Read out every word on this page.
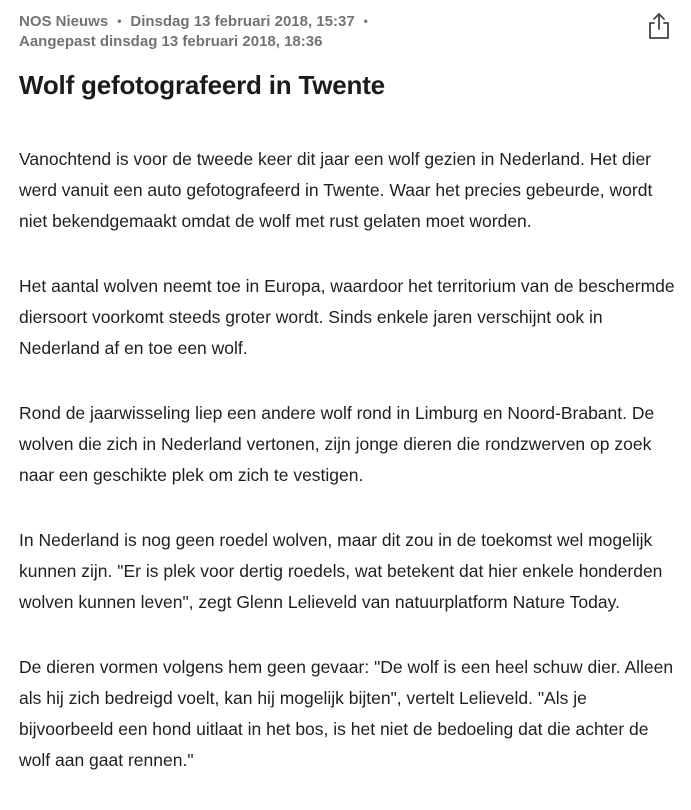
NOS Nieuws • Dinsdag 13 februari 2018, 15:37 •
Aangepast dinsdag 13 februari 2018, 18:36
Wolf gefotografeerd in Twente

Vanochtend is voor de tweede keer dit jaar een wolf gezien in Nederland. Het dier werd vanuit een auto gefotografeerd in Twente. Waar het precies gebeurde, wordt niet bekendgemaakt omdat de wolf met rust gelaten moet worden.

Het aantal wolven neemt toe in Europa, waardoor het territorium van de beschermde diersoort voorkomt steeds groter wordt. Sinds enkele jaren verschijnt ook in Nederland af en toe een wolf.

Rond de jaarwisseling liep een andere wolf rond in Limburg en Noord-Brabant. De wolven die zich in Nederland vertonen, zijn jonge dieren die rondzwerven op zoek naar een geschikte plek om zich te vestigen.

In Nederland is nog geen roedel wolven, maar dit zou in de toekomst wel mogelijk kunnen zijn. "Er is plek voor dertig roedels, wat betekent dat hier enkele honderden wolven kunnen leven", zegt Glenn Lelieveld van natuurplatform Nature Today.

De dieren vormen volgens hem geen gevaar: "De wolf is een heel schuw dier. Alleen als hij zich bedreigd voelt, kan hij mogelijk bijten", vertelt Lelieveld. "Als je bijvoorbeeld een hond uitlaat in het bos, is het niet de bedoeling dat die achter de wolf aan gaat rennen."
